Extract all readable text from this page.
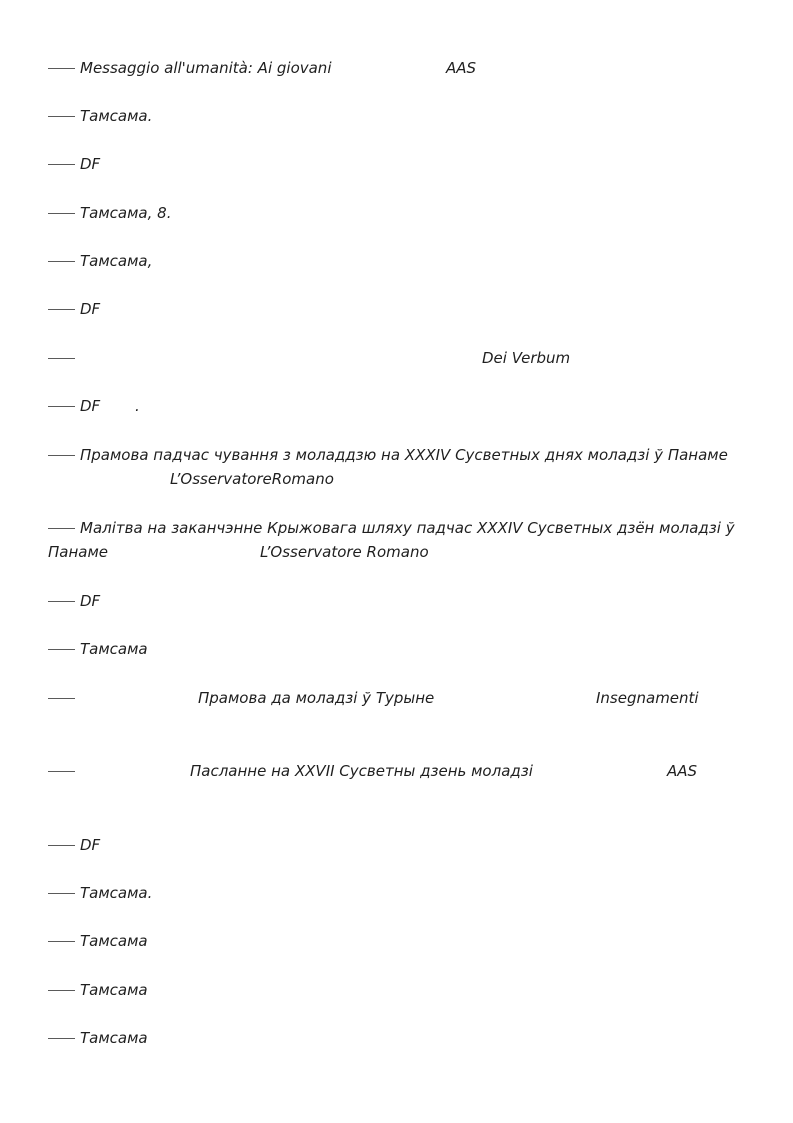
Messaggio all'umanità: Ai giovani	AAS
Тамсама.
DF
Тамсама, 8.
Тамсама,
DF
Dei Verbum
DF .
Прамова падчас чування з моладдзю на XXXIV Сусветных днях моладзі ў Панаме
L’OsservatoreRomano
Малітва на заканчэнне Крыжовага шляху падчас XXXIV Сусветных дзён моладзі ў
Панаме	L’Osservatore Romano
DF
Тамсама
Прамова да моладзі ў Турыне	Insegnamenti
Пасланне на XXVII Сусветны дзень моладзі	AAS
DF
Тамсама.
Тамсама
Тамсама
Тамсама
